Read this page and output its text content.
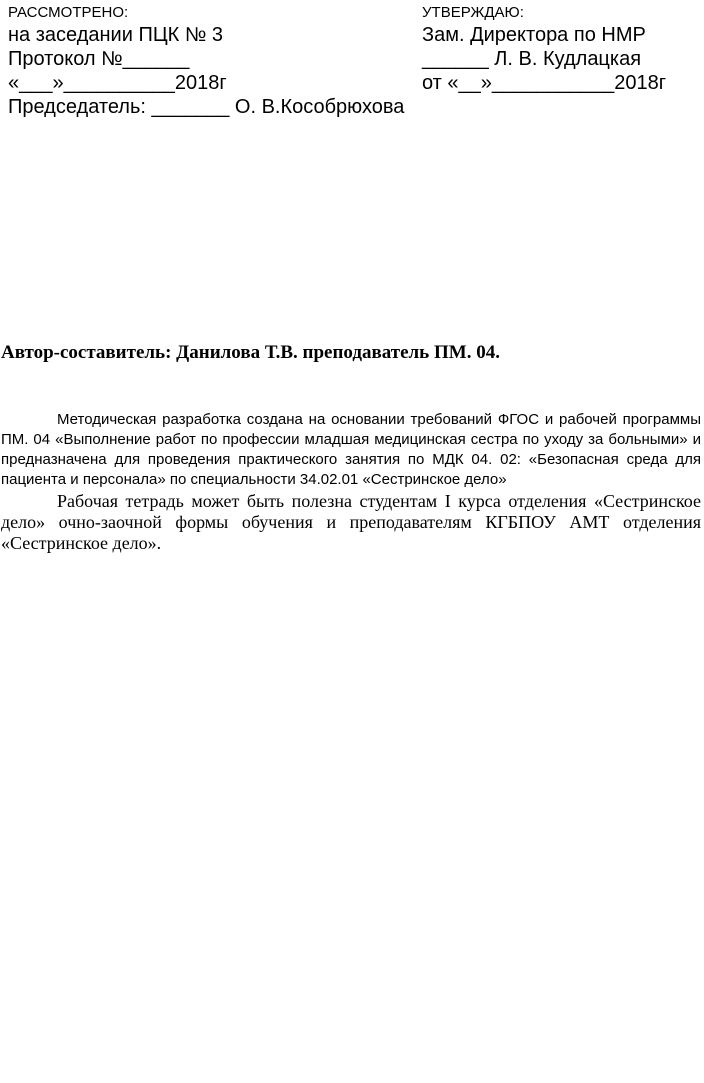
РАССМОТРЕНО:
на заседании ПЦК № 3
Протокол №______
«___»__________2018г
Председатель: _______ О. В.Кособрюхова
УТВЕРЖДАЮ:
Зам. Директора по НМР
______ Л. В. Кудлацкая
от «__»___________2018г
Автор-составитель: Данилова Т.В. преподаватель ПМ. 04.

Методическая разработка создана на основании требований ФГОС и рабочей программы ПМ. 04 «Выполнение работ по профессии младшая медицинская сестра по уходу за больными» и предназначена для проведения практического занятия по МДК 04. 02: «Безопасная среда для пациента и персонала» по специальности 34.02.01 «Сестринское дело»

Рабочая тетрадь может быть полезна студентам I курса отделения «Сестринское дело» очно-заочной формы обучения и преподавателям КГБПОУ АМТ отделения «Сестринское дело».
